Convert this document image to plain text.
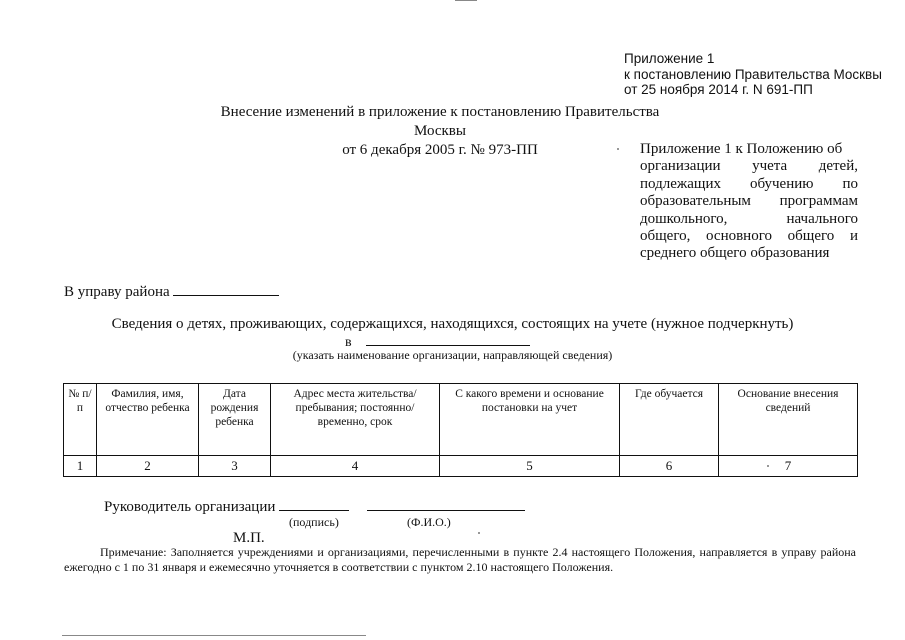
Приложение 1
к постановлению Правительства Москвы
от 25 ноября 2014 г. N 691-ПП
Внесение изменений в приложение к постановлению Правительства Москвы
от 6 декабря 2005 г. № 973-ПП	Приложение 1 к Положению об
организации учета детей,
подлежащих обучению по
образовательным программам
дошкольного, начального
общего, основного общего и
среднего общего образования
В управу района
Сведения о детях, проживающих, содержащихся, находящихся, состоящих на учете (нужное подчеркнуть)
в
(указать наименование организации, направляющей сведения)
№ п/п	Фамилия, имя, отчество ребенка	Дата рождения ребенка	Адрес места жительства/пребывания; постоянно/ временно, срок	С какого времени и основание постановки на учет	Где обучается	Основание внесения сведений
1	2	3	4	5	6	7
Руководитель организации
(подпись)	(Ф.И.О.)
М.П.
Примечание: Заполняется учреждениями и организациями, перечисленными в пункте 2.4 настоящего Положения, направляется в управу района ежегодно с 1 по 31 января и ежемесячно уточняется в соответствии с пунктом 2.10 настоящего Положения.
